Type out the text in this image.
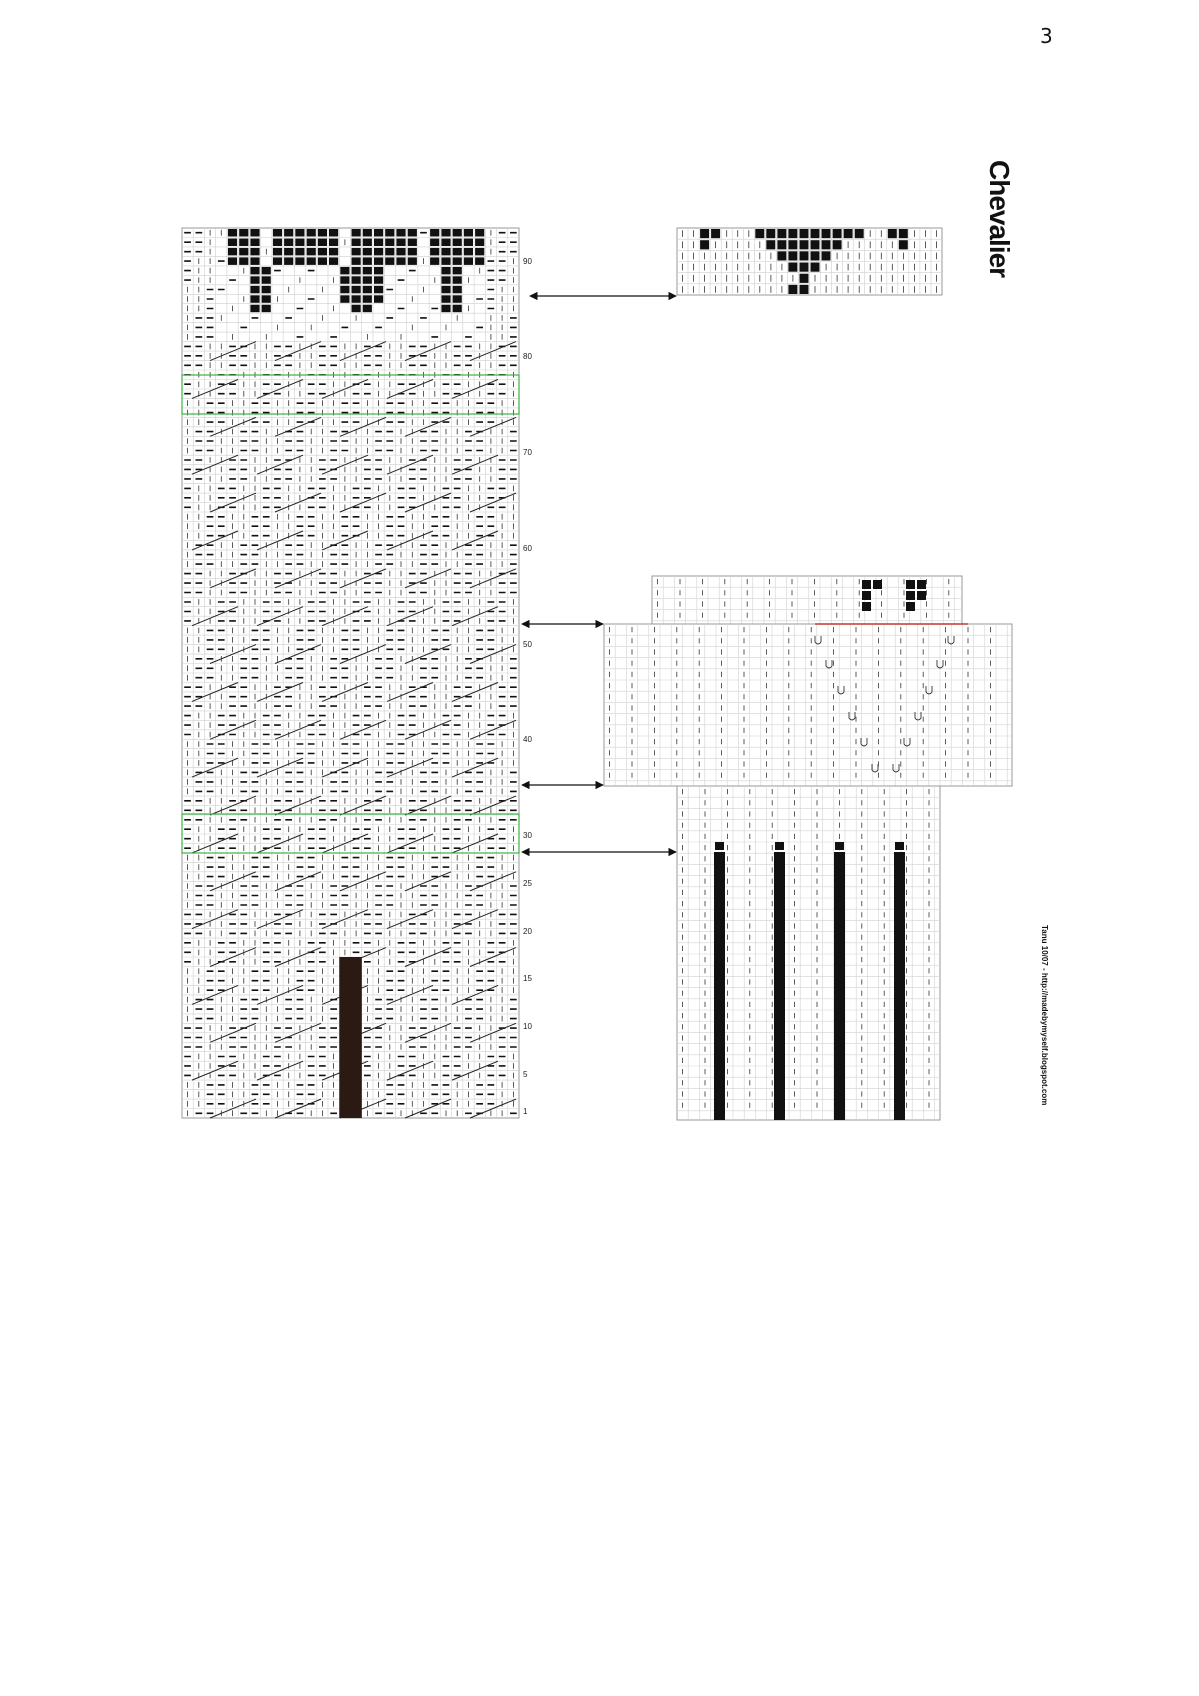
3
Chevalier
Tanu 10/07 - http://madebymyself.blogspot.com
90
80
70
60
50
40
30
25
20
15
10
5
1
